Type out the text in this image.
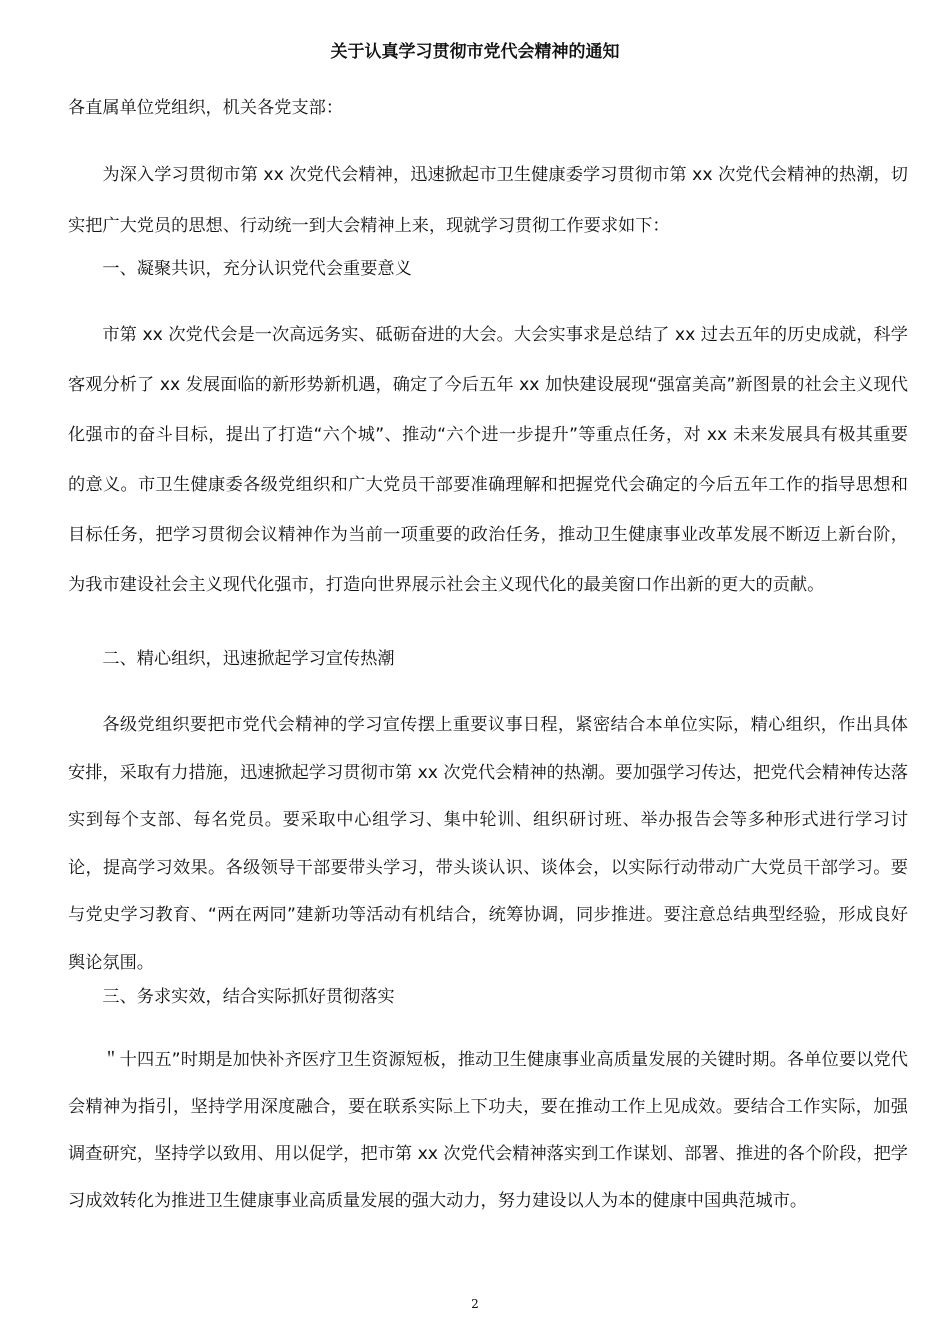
关于认真学习贯彻市党代会精神的通知

各直属单位党组织，机关各党支部：

为深入学习贯彻市第 xx 次党代会精神，迅速掀起市卫生健康委学习贯彻市第 xx 次党代会精神的热潮，切实把广大党员的思想、行动统一到大会精神上来，现就学习贯彻工作要求如下：

一、凝聚共识，充分认识党代会重要意义

市第 xx 次党代会是一次高远务实、砥砺奋进的大会。大会实事求是总结了 xx 过去五年的历史成就，科学客观分析了 xx 发展面临的新形势新机遇，确定了今后五年 xx 加快建设展现“强富美高”新图景的社会主义现代化强市的奋斗目标，提出了打造“六个城”、推动“六个进一步提升”等重点任务，对 xx 未来发展具有极其重要的意义。市卫生健康委各级党组织和广大党员干部要准确理解和把握党代会确定的今后五年工作的指导思想和目标任务，把学习贯彻会议精神作为当前一项重要的政治任务，推动卫生健康事业改革发展不断迈上新台阶，为我市建设社会主义现代化强市，打造向世界展示社会主义现代化的最美窗口作出新的更大的贡献。

二、精心组织，迅速掀起学习宣传热潮

各级党组织要把市党代会精神的学习宣传摆上重要议事日程，紧密结合本单位实际，精心组织，作出具体安排，采取有力措施，迅速掀起学习贯彻市第 xx 次党代会精神的热潮。要加强学习传达，把党代会精神传达落实到每个支部、每名党员。要采取中心组学习、集中轮训、组织研讨班、举办报告会等多种形式进行学习讨论，提高学习效果。各级领导干部要带头学习，带头谈认识、谈体会，以实际行动带动广大党员干部学习。要与党史学习教育、“两在两同”建新功等活动有机结合，统筹协调，同步推进。要注意总结典型经验，形成良好舆论氛围。

三、务求实效，结合实际抓好贯彻落实

＂十四五”时期是加快补齐医疗卫生资源短板，推动卫生健康事业高质量发展的关键时期。各单位要以党代会精神为指引，坚持学用深度融合，要在联系实际上下功夫，要在推动工作上见成效。要结合工作实际，加强调查研究，坚持学以致用、用以促学，把市第 xx 次党代会精神落实到工作谋划、部署、推进的各个阶段，把学习成效转化为推进卫生健康事业高质量发展的强大动力，努力建设以人为本的健康中国典范城市。

2
